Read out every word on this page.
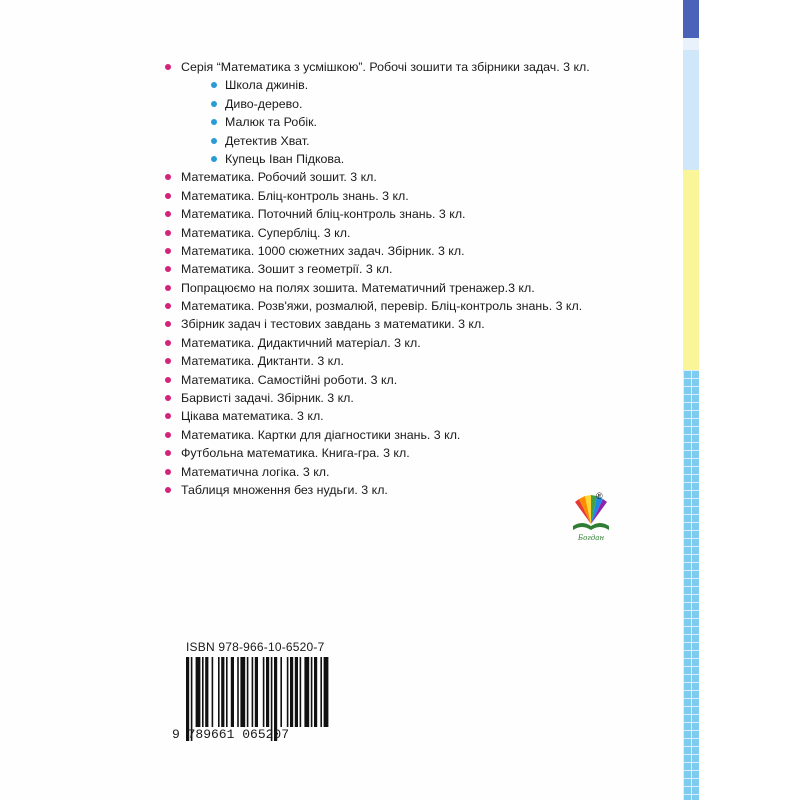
Серія “Математика з усмішкою”. Робочі зошити та збірники задач. 3 кл.
Школа джинів.
Диво-дерево.
Малюк та Робік.
Детектив Хват.
Купець Іван Підкова.
Математика. Робочий зошит. 3 кл.
Математика. Бліц-контроль знань. 3 кл.
Математика. Поточний бліц-контроль знань. 3 кл.
Математика. Супербліц. 3 кл.
Математика. 1000 сюжетних задач. Збірник. 3 кл.
Математика. Зошит з геометрії. 3 кл.
Попрацюємо на полях зошита. Математичний тренажер.3 кл.
Математика. Розв'яжи, розмалюй, перевір. Бліц-контроль знань. 3 кл.
Збірник задач і тестових завдань з математики. 3 кл.
Математика. Дидактичний матеріал. 3 кл.
Математика. Диктанти. 3 кл.
Математика. Самостійні роботи. 3 кл.
Барвисті задачі. Збірник. 3 кл.
Цікава математика. 3 кл.
Математика. Картки для діагностики знань. 3 кл.
Футбольна математика. Книга-гра. 3 кл.
Математична логіка. 3 кл.
Таблиця множення без нудьги. 3 кл.
Богдан
®
ISBN 978-966-10-6520-7
9 789661 065207
